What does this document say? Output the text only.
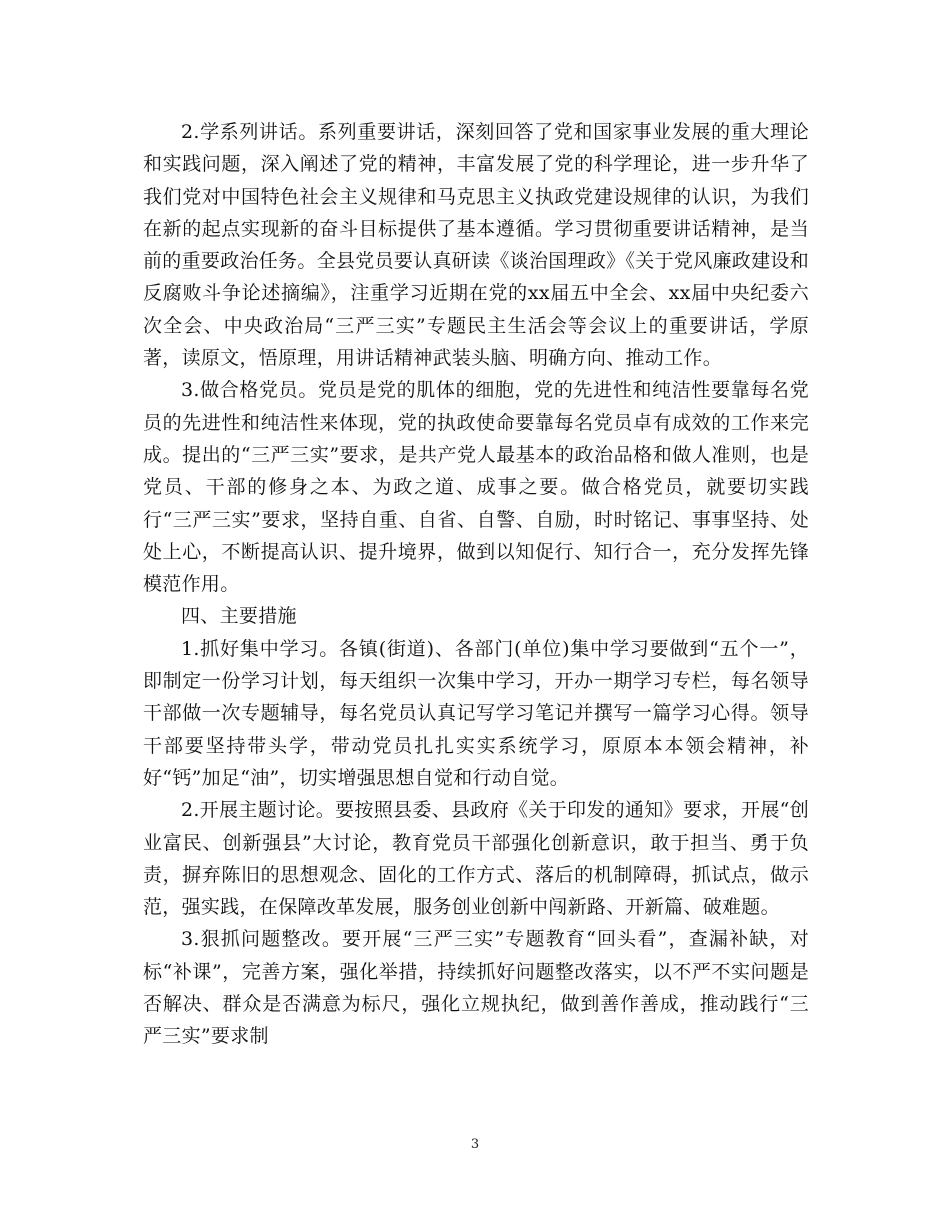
2.学系列讲话。系列重要讲话，深刻回答了党和国家事业发展的重大理论和实践问题，深入阐述了党的精神，丰富发展了党的科学理论，进一步升华了我们党对中国特色社会主义规律和马克思主义执政党建设规律的认识，为我们在新的起点实现新的奋斗目标提供了基本遵循。学习贯彻重要讲话精神，是当前的重要政治任务。全县党员要认真研读《谈治国理政》《关于党风廉政建设和反腐败斗争论述摘编》，注重学习近期在党的xx届五中全会、xx届中央纪委六次全会、中央政治局“三严三实”专题民主生活会等会议上的重要讲话，学原著，读原文，悟原理，用讲话精神武装头脑、明确方向、推动工作。

3.做合格党员。党员是党的肌体的细胞，党的先进性和纯洁性要靠每名党员的先进性和纯洁性来体现，党的执政使命要靠每名党员卓有成效的工作来完成。提出的“三严三实”要求，是共产党人最基本的政治品格和做人准则，也是党员、干部的修身之本、为政之道、成事之要。做合格党员，就要切实践行“三严三实”要求，坚持自重、自省、自警、自励，时时铭记、事事坚持、处处上心，不断提高认识、提升境界，做到以知促行、知行合一，充分发挥先锋模范作用。

四、主要措施

1.抓好集中学习。各镇(街道)、各部门(单位)集中学习要做到“五个一”，即制定一份学习计划，每天组织一次集中学习，开办一期学习专栏，每名领导干部做一次专题辅导，每名党员认真记写学习笔记并撰写一篇学习心得。领导干部要坚持带头学，带动党员扎扎实实系统学习，原原本本领会精神，补好“钙”加足“油”，切实增强思想自觉和行动自觉。

2.开展主题讨论。要按照县委、县政府《关于印发的通知》要求，开展“创业富民、创新强县”大讨论，教育党员干部强化创新意识，敢于担当、勇于负责，摒弃陈旧的思想观念、固化的工作方式、落后的机制障碍，抓试点，做示范，强实践，在保障改革发展，服务创业创新中闯新路、开新篇、破难题。

3.狠抓问题整改。要开展“三严三实”专题教育“回头看”，查漏补缺，对标“补课”，完善方案，强化举措，持续抓好问题整改落实，以不严不实问题是否解决、群众是否满意为标尺，强化立规执纪，做到善作善成，推动践行“三严三实”要求制

3
